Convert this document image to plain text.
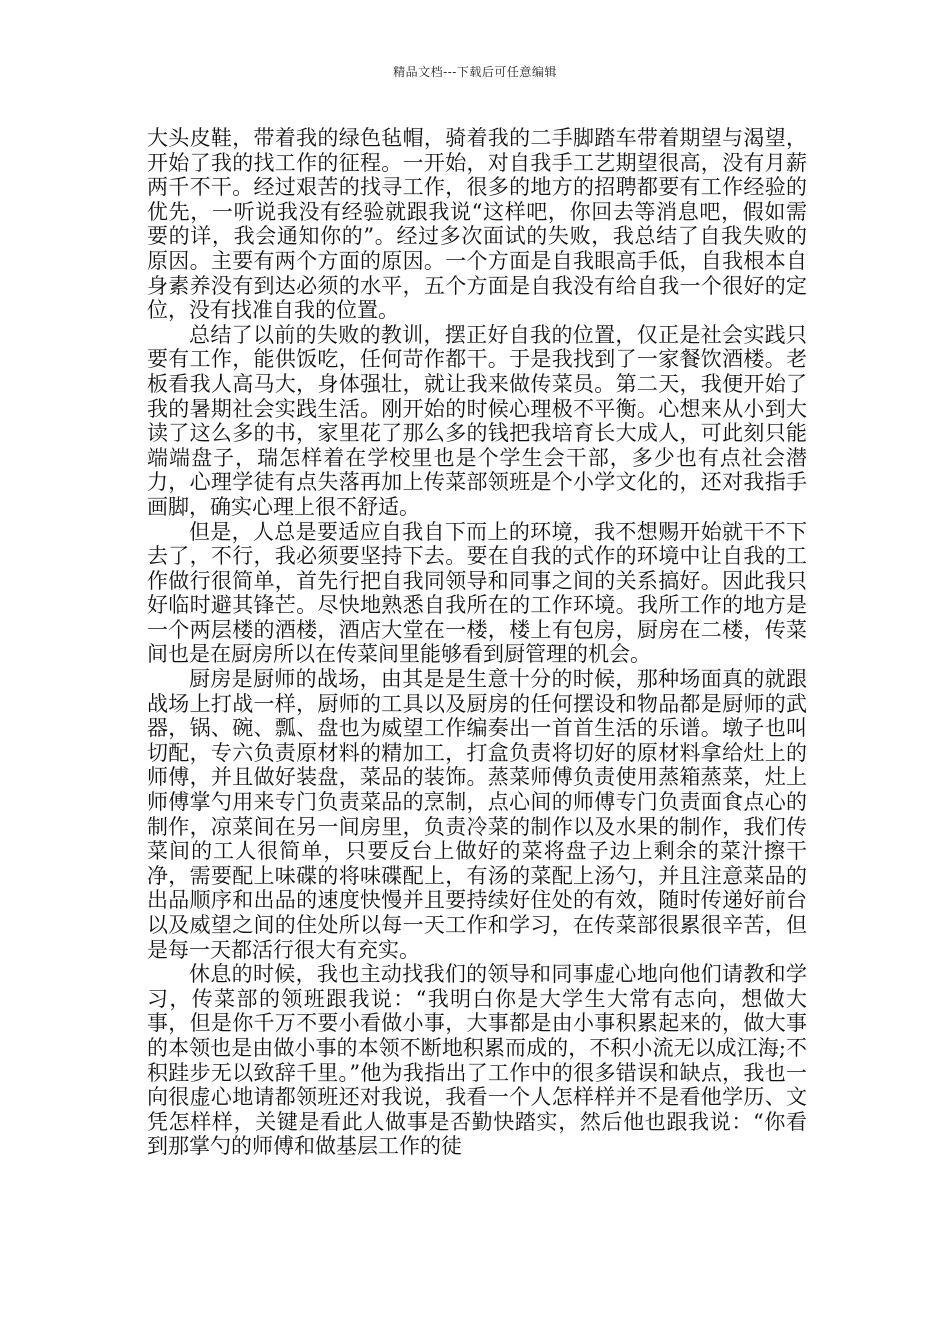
精品文档---下载后可任意编辑

大头皮鞋，带着我的绿色毡帽，骑着我的二手脚踏车带着期望与渴望，开始了我的找工作的征程。一开始，对自我手工艺期望很高，没有月薪两千不干。经过艰苦的找寻工作，很多的地方的招聘都要有工作经验的优先，一听说我没有经验就跟我说“这样吧，你回去等消息吧，假如需要的详，我会通知你的”。经过多次面试的失败，我总结了自我失败的原因。主要有两个方面的原因。一个方面是自我眼高手低，自我根本自身素养没有到达必须的水平，五个方面是自我没有给自我一个很好的定位，没有找准自我的位置。

总结了以前的失败的教训，摆正好自我的位置，仅正是社会实践只要有工作，能供饭吃，任何苛作都干。于是我找到了一家餐饮酒楼。老板看我人高马大，身体强壮，就让我来做传菜员。第二天，我便开始了我的暑期社会实践生活。刚开始的时候心理极不平衡。心想来从小到大读了这么多的书，家里花了那么多的钱把我培育长大成人，可此刻只能端端盘子，瑞怎样着在学校里也是个学生会干部，多少也有点社会潜力，心理学徒有点失落再加上传菜部领班是个小学文化的，还对我指手画脚，确实心理上很不舒适。

但是，人总是要适应自我自下而上的环境，我不想赐开始就干不下去了，不行，我必须要坚持下去。要在自我的式作的环境中让自我的工作做行很简单，首先行把自我同领导和同事之间的关系搞好。因此我只好临时避其锋芒。尽快地熟悉自我所在的工作环境。我所工作的地方是一个两层楼的酒楼，酒店大堂在一楼，楼上有包房，厨房在二楼，传菜间也是在厨房所以在传菜间里能够看到厨管理的机会。

厨房是厨师的战场，由其是是生意十分的时候，那种场面真的就跟战场上打战一样，厨师的工具以及厨房的任何摆设和物品都是厨师的武器，锅、碗、瓢、盘也为威望工作编奏出一首首生活的乐谱。墩子也叫切配，专六负责原材料的精加工，打盒负责将切好的原材料拿给灶上的师傅，并且做好装盘，菜品的装饰。蒸菜师傅负责使用蒸箱蒸菜，灶上师傅掌勺用来专门负责菜品的烹制，点心间的师傅专门负责面食点心的制作，凉菜间在另一间房里，负责冷菜的制作以及水果的制作，我们传菜间的工人很简单，只要反台上做好的菜将盘子边上剩余的菜汁擦干净，需要配上味碟的将味碟配上，有汤的菜配上汤勺，并且注意菜品的出品顺序和出品的速度快慢并且要持续好住处的有效，随时传递好前台以及威望之间的住处所以每一天工作和学习，在传菜部很累很辛苦，但是每一天都活行很大有充实。

休息的时候，我也主动找我们的领导和同事虚心地向他们请教和学习，传菜部的领班跟我说：“我明白你是大学生大常有志向，想做大事，但是你千万不要小看做小事，大事都是由小事积累起来的，做大事的本领也是由做小事的本领不断地积累而成的，不积小流无以成江海;不积跬步无以致辞千里。”他为我指出了工作中的很多错误和缺点，我也一向很虚心地请都领班还对我说，我看一个人怎样样并不是看他学历、文凭怎样样，关键是看此人做事是否勤快踏实，然后他也跟我说：“你看到那掌勺的师傅和做基层工作的徒
